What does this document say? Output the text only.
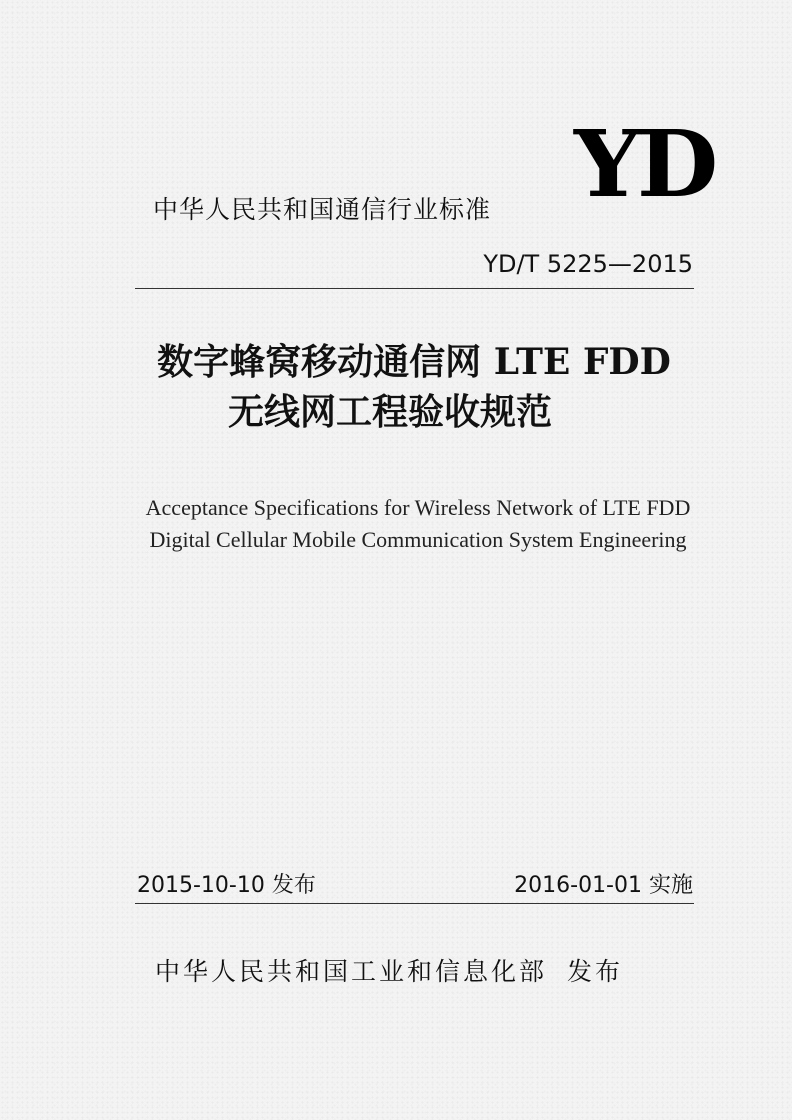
中华人民共和国通信行业标准 YD
YD/T 5225—2015
数字蜂窝移动通信网 LTE FDD
无线网工程验收规范
Acceptance Specifications for Wireless Network of LTE FDD
Digital Cellular Mobile Communication System Engineering
2015-10-10 发布	2016-01-01 实施
中华人民共和国工业和信息化部 发布
